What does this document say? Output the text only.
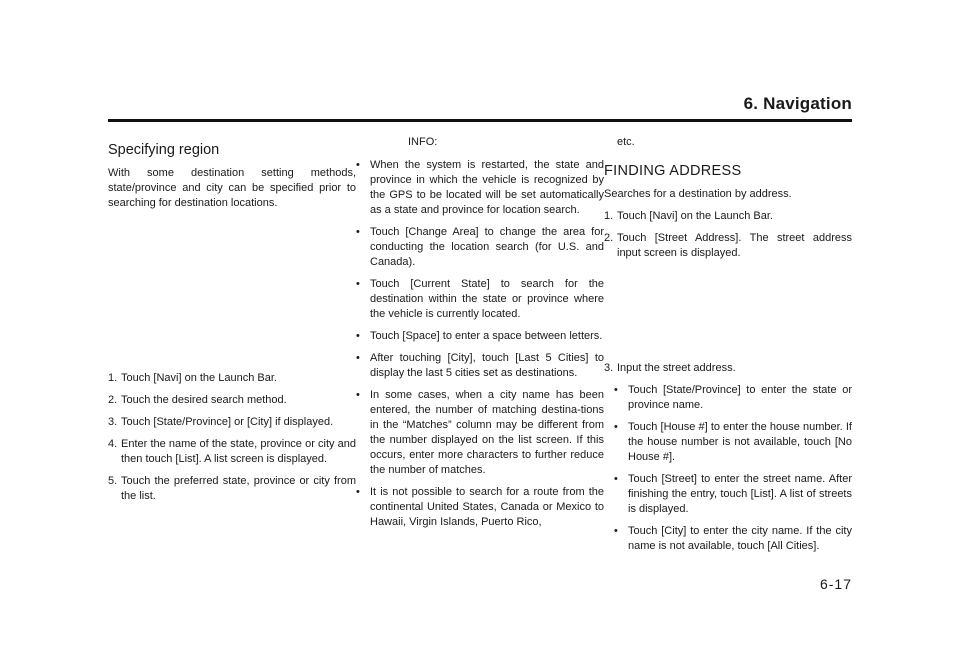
6. Navigation
Specifying region

With some destination setting methods, state/province and city can be specified prior to searching for destination locations.

1. Touch [Navi] on the Launch Bar.
2. Touch the desired search method.
3. Touch [State/Province] or [City] if displayed.
4. Enter the name of the state, province or city and then touch [List]. A list screen is displayed.
5. Touch the preferred state, province or city from the list.
INFO:
• When the system is restarted, the state and province in which the vehicle is recognized by the GPS to be located will be set automatically as a state and province for location search.
• Touch [Change Area] to change the area for conducting the location search (for U.S. and Canada).
• Touch [Current State] to search for the destination within the state or province where the vehicle is currently located.
• Touch [Space] to enter a space between letters.
• After touching [City], touch [Last 5 Cities] to display the last 5 cities set as destinations.
• In some cases, when a city name has been entered, the number of matching destina-tions in the “Matches” column may be different from the number displayed on the list screen. If this occurs, enter more characters to further reduce the number of matches.
• It is not possible to search for a route from the continental United States, Canada or Mexico to Hawaii, Virgin Islands, Puerto Rico,
etc.
FINDING ADDRESS

Searches for a destination by address.

1. Touch [Navi] on the Launch Bar.
2. Touch [Street Address]. The street address input screen is displayed.
3. Input the street address.
• Touch [State/Province] to enter the state or province name.
• Touch [House #] to enter the house number. If the house number is not available, touch [No House #].
• Touch [Street] to enter the street name. After finishing the entry, touch [List]. A list of streets is displayed.
• Touch [City] to enter the city name. If the city name is not available, touch [All Cities].
6-17
